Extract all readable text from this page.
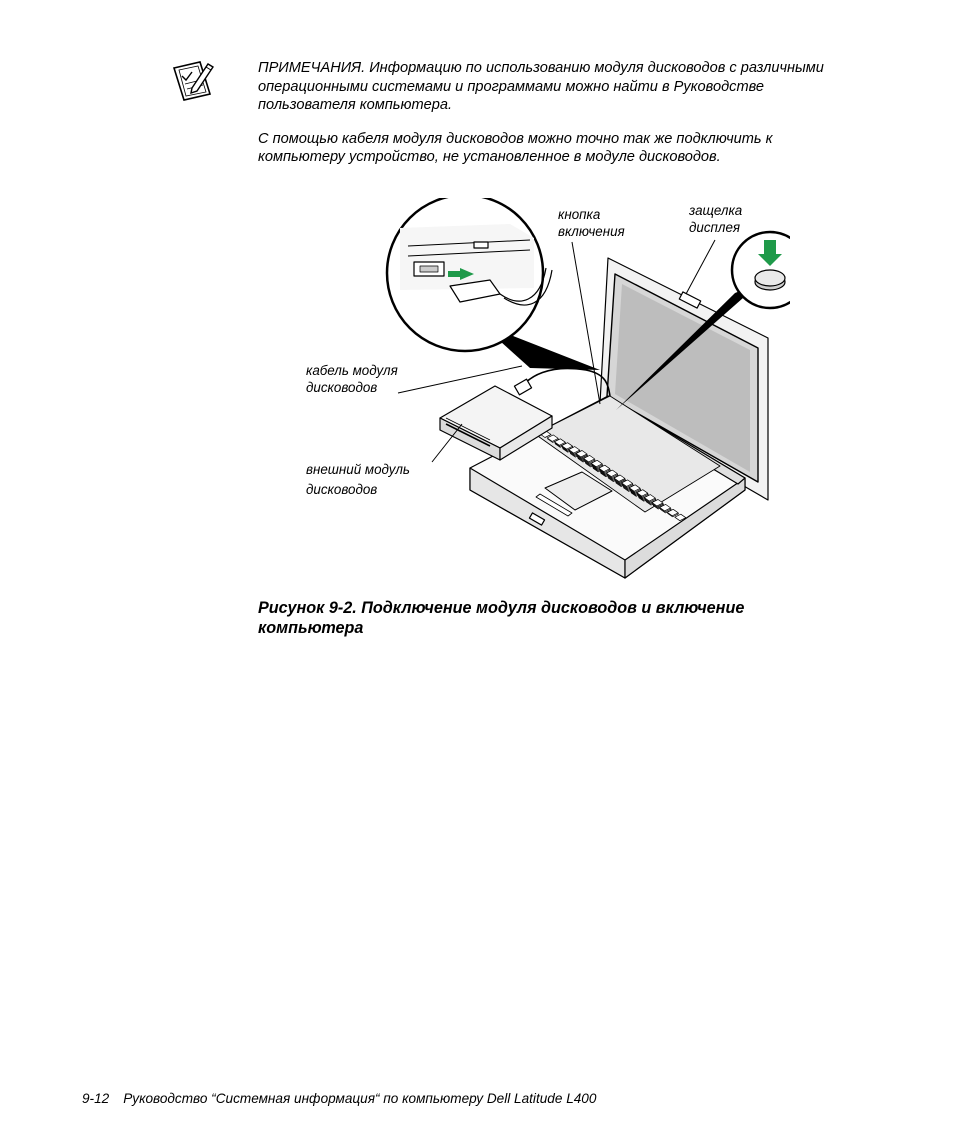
ПРИМЕЧАНИЯ. Информацию по использованию модуля дисководов с различными операционными системами и программами можно найти в Руководстве пользователя компьютера.

С помощью кабеля модуля дисководов можно точно так же подключить к компьютеру устройство, не установленное в модуле дисководов.

кнопка
включения
защелка
дисплея
кабель модуля
дисководов
внешний модуль
дисководов
Рисунок 9-2. Подключение модуля дисководов и включение компьютера
9-12 Руководство “Системная информация“ по компьютеру Dell Latitude L400
